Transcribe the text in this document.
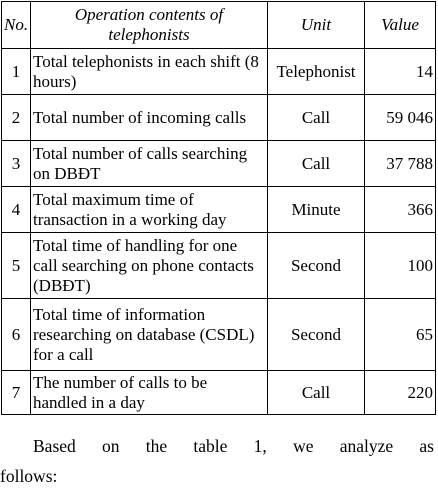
No.	Operation contents of telephonists	Unit	Value
1	Total telephonists in each shift (8 hours)	Telephonist	14
2	Total number of incoming calls	Call	59 046
3	Total number of calls searching on DBĐT	Call	37 788
4	Total maximum time of transaction in a working day	Minute	366
5	Total time of handling for one call searching on phone contacts (DBĐT)	Second	100
6	Total time of information researching on database (CSDL) for a call	Second	65
7	The number of calls to be handled in a day	Call	220
Based on the table 1, we analyze as
follows:
